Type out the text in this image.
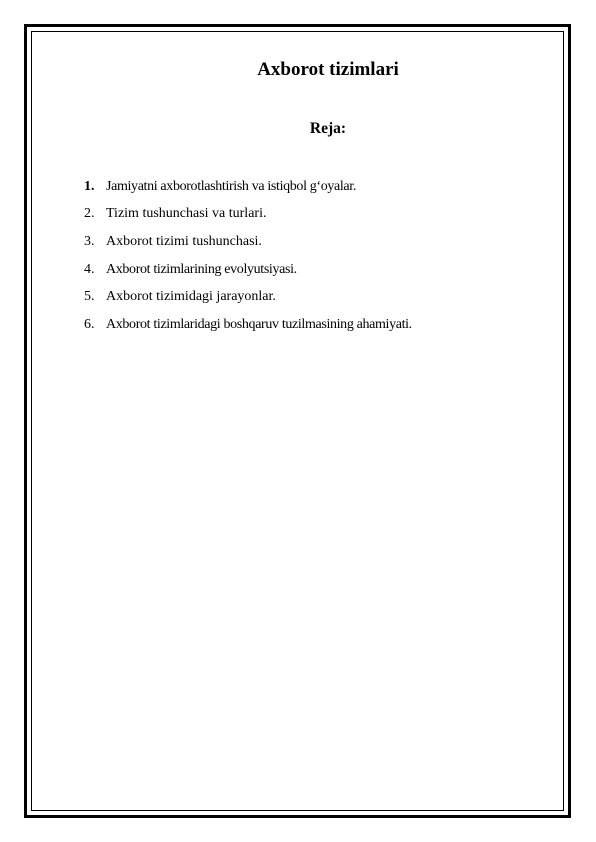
Axborot tizimlari
Reja:
1. Jamiyatni axborotlashtirish va istiqbol g‘oyalar.
2. Tizim tushunchasi va turlari.
3. Axborot tizimi tushunchasi.
4. Axborot tizimlarining evolyutsiyasi.
5. Axborot tizimidagi jarayonlar.
6. Axborot tizimlaridagi boshqaruv tuzilmasining ahamiyati.
